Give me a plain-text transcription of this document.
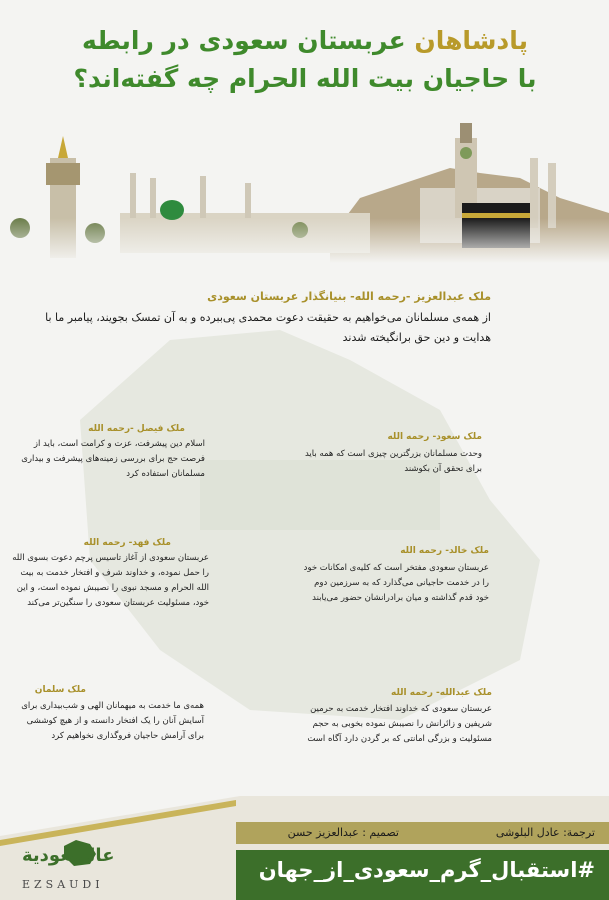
پادشاهان عربستان سعودی در رابطه
با حاجیان بیت الله الحرام چه گفته‌اند؟
ملک عبدالعزیز -رحمه الله- بنیانگذار عربستان سعودی
از همه‌ی مسلمانان می‌خواهیم به حقیقت دعوت محمدی پی‌ببرده و به آن تمسک بجویند، پیامبر ما با هدایت و دین حق برانگیخته شدند
ملک فیصل -رحمه الله
اسلام دین پیشرفت، عزت و کرامت است، باید از فرصت حج برای بررسی زمینه‌های پیشرفت و بیداری مسلمانان استفاده کرد
ملک سعود- رحمه الله
وحدت مسلمانان بزرگترین چیزی است که همه باید برای تحقق آن بکوشند
ملک فهد- رحمه الله
عربستان سعودی از آغاز تاسیس پرچم دعوت بسوی الله را حمل نموده، و خداوند شرف و افتخار خدمت به بیت الله الحرام و مسجد نبوی را نصیبش نموده است، و این خود، مسئولیت عربستان سعودی را سنگین‌تر می‌کند
ملک خالد- رحمه الله
عربستان سعودی مفتخر است که کلیه‌ی امکانات خود را در خدمت حاجیانی می‌گذارد که به سرزمین دوم خود قدم گذاشته و میان برادرانشان حضور می‌یابند
ملک سلمان
همه‌ی ما خدمت به میهمانان الهی و شب‌بیداری برای آسایش آنان را یک افتخار دانسته و از هیچ کوششی برای آرامش حاجیان فروگذاری نخواهیم کرد
ملک عبدالله- رحمه الله
عربستان سعودی که خداوند افتخار خدمت به حرمین شریفین و زائرانش را نصیبش نموده بخوبی به حجم مسئولیت و بزرگی امانتی که بر گردن دارد آگاه است
ترجمة: عادل البلوشی
تصمیم : عبدالعزیز حسن
#استقبال_گرم_سعودی_از_جهان
عالسعودیة
EZSAUDI
